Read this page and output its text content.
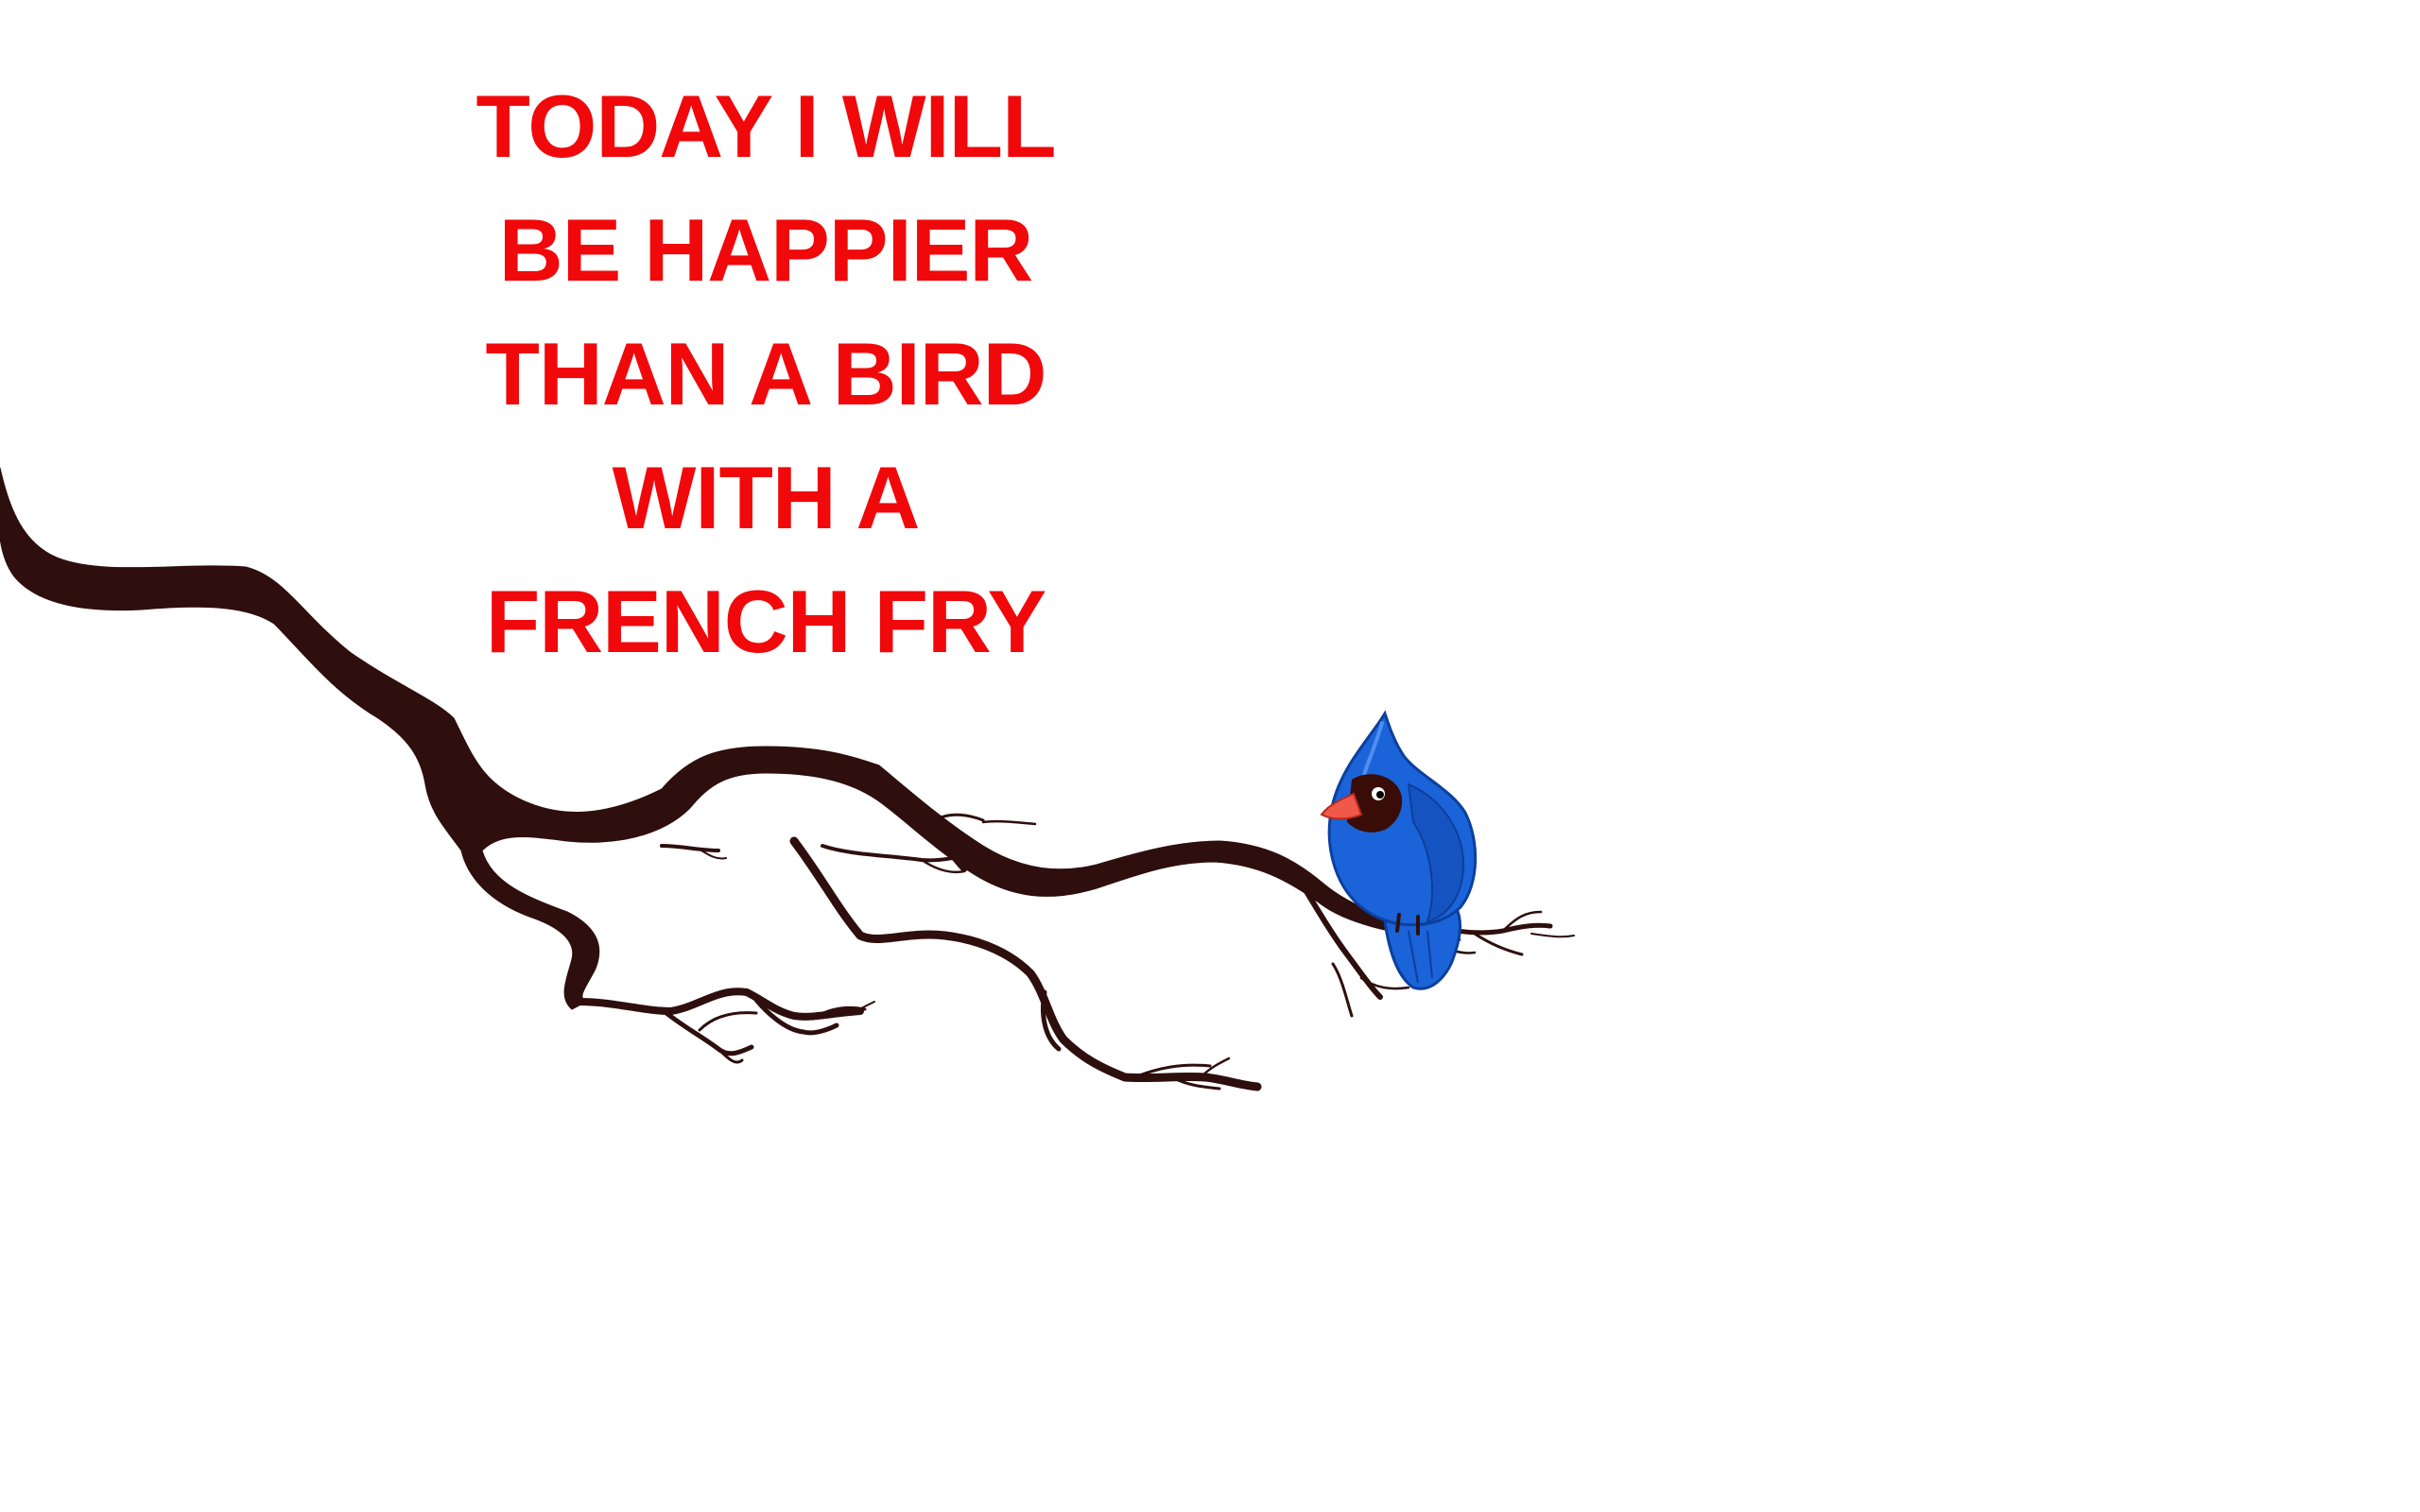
TODAY I WILL
BE HAPPIER
THAN A BIRD
WITH A
FRENCH FRY
